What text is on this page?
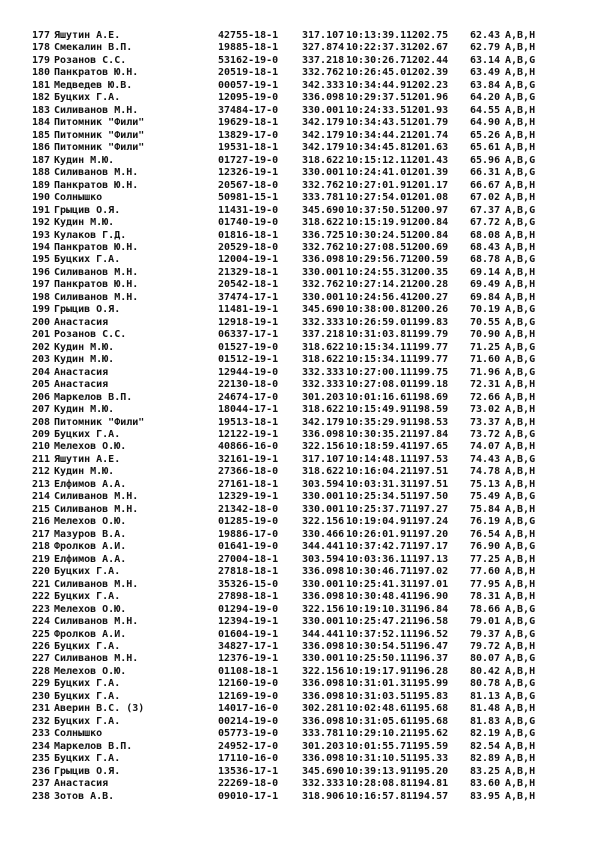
177 Яшутин А.Е.	42755-18-1 317.107 10:13:39.1 1202.75 62.43 A,B,H
178 Смекалин В.П.	19885-18-1 327.874 10:22:37.3 1202.67 62.79 A,B,H
179 Розанов С.С.	53162-19-0 337.218 10:30:26.7 1202.44 63.14 A,B,G
180 Панкратов Ю.Н.	20519-18-1 332.762 10:26:45.0 1202.39 63.49 A,B,H
181 Медведев Ю.В.	00057-19-1 342.333 10:34:44.9 1202.23 63.84 A,B,G
182 Буцких Г.А.	12095-19-0 336.098 10:29:37.5 1201.96 64.20 A,B,G
183 Силиванов М.Н.	37484-17-0 330.001 10:24:33.5 1201.93 64.55 A,B,H
184 Питомник "Фили"	19629-18-1 342.179 10:34:43.5 1201.79 64.90 A,B,H
185 Питомник "Фили"	13829-17-0 342.179 10:34:44.2 1201.74 65.26 A,B,H
186 Питомник "Фили"	19531-18-1 342.179 10:34:45.8 1201.63 65.61 A,B,H
187 Кудин М.Ю.	01727-19-0 318.622 10:15:12.1 1201.43 65.96 A,B,G
188 Силиванов М.Н.	12326-19-1 330.001 10:24:41.0 1201.39 66.31 A,B,G
189 Панкратов Ю.Н.	20567-18-0 332.762 10:27:01.9 1201.17 66.67 A,B,H
190 Солнышко	50981-15-1 333.781 10:27:54.0 1201.08 67.02 A,B,H
191 Грыцив О.Я.	11431-19-0 345.690 10:37:50.5 1200.97 67.37 A,B,G
192 Кудин М.Ю.	01740-19-0 318.622 10:15:19.9 1200.84 67.72 A,B,G
193 Кулаков Г.Д.	01816-18-1 336.725 10:30:24.5 1200.84 68.08 A,B,H
194 Панкратов Ю.Н.	20529-18-0 332.762 10:27:08.5 1200.69 68.43 A,B,H
195 Буцких Г.А.	12004-19-1 336.098 10:29:56.7 1200.59 68.78 A,B,G
196 Силиванов М.Н.	21329-18-1 330.001 10:24:55.3 1200.35 69.14 A,B,H
197 Панкратов Ю.Н.	20542-18-1 332.762 10:27:14.2 1200.28 69.49 A,B,H
198 Силиванов М.Н.	37474-17-1 330.001 10:24:56.4 1200.27 69.84 A,B,H
199 Грыцив О.Я.	11481-19-1 345.690 10:38:00.8 1200.26 70.19 A,B,G
200 Анастасия	12918-19-1 332.333 10:26:59.0 1199.83 70.55 A,B,G
201 Розанов С.С.	06337-17-1 337.218 10:31:03.8 1199.79 70.90 A,B,H
202 Кудин М.Ю.	01527-19-0 318.622 10:15:34.1 1199.77 71.25 A,B,G
203 Кудин М.Ю.	01512-19-1 318.622 10:15:34.1 1199.77 71.60 A,B,G
204 Анастасия	12944-19-0 332.333 10:27:00.1 1199.75 71.96 A,B,G
205 Анастасия	22130-18-0 332.333 10:27:08.0 1199.18 72.31 A,B,H
206 Маркелов В.П.	24674-17-0 301.203 10:01:16.6 1198.69 72.66 A,B,H
207 Кудин М.Ю.	18044-17-1 318.622 10:15:49.9 1198.59 73.02 A,B,H
208 Питомник "Фили"	19513-18-1 342.179 10:35:29.9 1198.53 73.37 A,B,H
209 Буцких Г.А.	12122-19-1 336.098 10:30:35.2 1197.84 73.72 A,B,G
210 Мелехов О.Ю.	40866-16-0 322.156 10:18:59.4 1197.65 74.07 A,B,H
211 Яшутин А.Е.	32161-19-1 317.107 10:14:48.1 1197.53 74.43 A,B,G
212 Кудин М.Ю.	27366-18-0 318.622 10:16:04.2 1197.51 74.78 A,B,H
213 Елфимов А.А.	27161-18-1 303.594 10:03:31.3 1197.51 75.13 A,B,H
214 Силиванов М.Н.	12329-19-1 330.001 10:25:34.5 1197.50 75.49 A,B,G
215 Силиванов М.Н.	21342-18-0 330.001 10:25:37.7 1197.27 75.84 A,B,H
216 Мелехов О.Ю.	01285-19-0 322.156 10:19:04.9 1197.24 76.19 A,B,G
217 Мазуров В.А.	19886-17-0 330.466 10:26:01.9 1197.20 76.54 A,B,H
218 Фролков А.И.	01641-19-0 344.441 10:37:42.7 1197.17 76.90 A,B,G
219 Елфимов А.А.	27004-18-1 303.594 10:03:36.1 1197.13 77.25 A,B,H
220 Буцких Г.А.	27818-18-1 336.098 10:30:46.7 1197.02 77.60 A,B,H
221 Силиванов М.Н.	35326-15-0 330.001 10:25:41.3 1197.01 77.95 A,B,H
222 Буцких Г.А.	27898-18-1 336.098 10:30:48.4 1196.90 78.31 A,B,H
223 Мелехов О.Ю.	01294-19-0 322.156 10:19:10.3 1196.84 78.66 A,B,G
224 Силиванов М.Н.	12394-19-1 330.001 10:25:47.2 1196.58 79.01 A,B,G
225 Фролков А.И.	01604-19-1 344.441 10:37:52.1 1196.52 79.37 A,B,G
226 Буцких Г.А.	34827-17-1 336.098 10:30:54.5 1196.47 79.72 A,B,H
227 Силиванов М.Н.	12376-19-1 330.001 10:25:50.1 1196.37 80.07 A,B,G
228 Мелехов О.Ю.	01108-18-1 322.156 10:19:17.9 1196.28 80.42 A,B,H
229 Буцких Г.А.	12160-19-0 336.098 10:31:01.3 1195.99 80.78 A,B,G
230 Буцких Г.А.	12169-19-0 336.098 10:31:03.5 1195.83 81.13 A,B,G
231 Аверин В.С. (З)	14017-16-0 302.281 10:02:48.6 1195.68 81.48 A,B,H
232 Буцких Г.А.	00214-19-0 336.098 10:31:05.6 1195.68 81.83 A,B,G
233 Солнышко	05773-19-0 333.781 10:29:10.2 1195.62 82.19 A,B,G
234 Маркелов В.П.	24952-17-0 301.203 10:01:55.7 1195.59 82.54 A,B,H
235 Буцких Г.А.	17110-16-0 336.098 10:31:10.5 1195.33 82.89 A,B,H
236 Грыцив О.Я.	13536-17-1 345.690 10:39:13.9 1195.20 83.25 A,B,H
237 Анастасия	22269-18-0 332.333 10:28:08.8 1194.81 83.60 A,B,H
238 Зотов А.В.	09010-17-1 318.906 10:16:57.8 1194.57 83.95 A,B,H
